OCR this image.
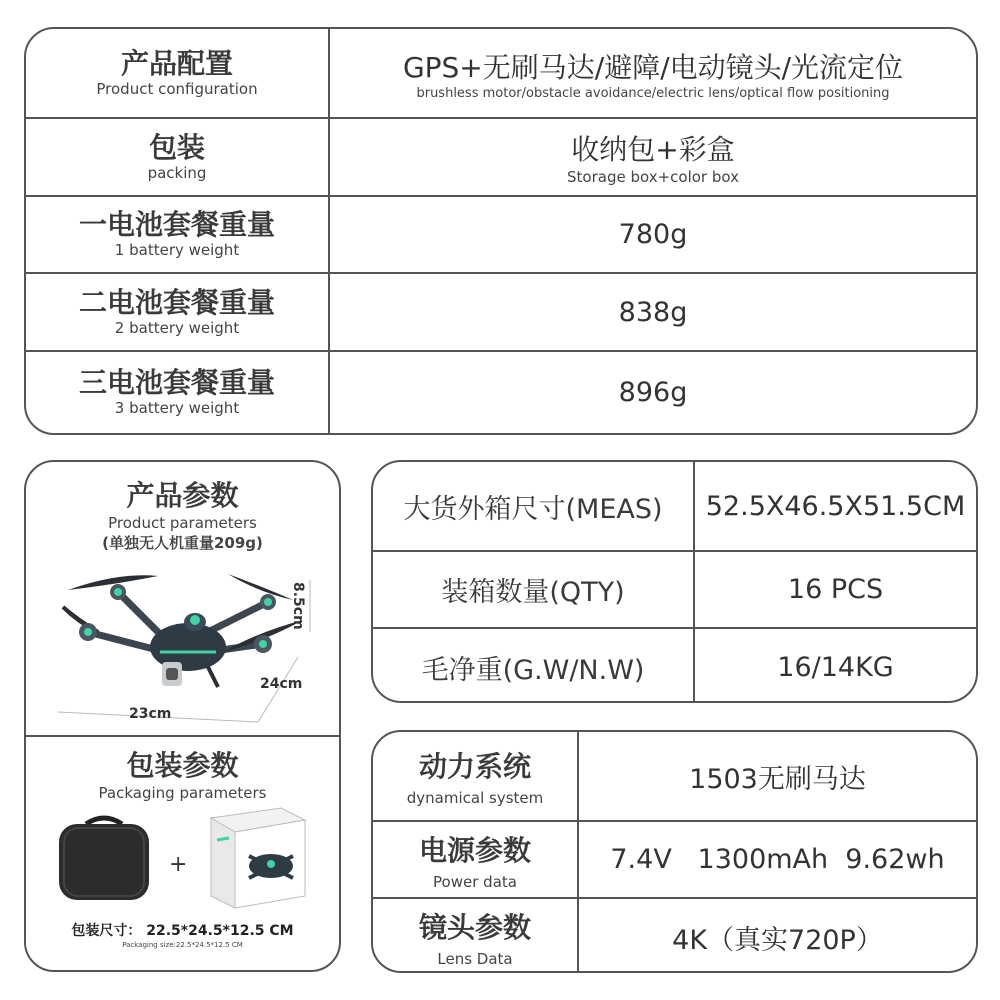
产品配置
Product configuration
GPS+无刷马达/避障/电动镜头/光流定位
brushless motor/obstacle avoidance/electric lens/optical flow positioning
包装
packing
收纳包+彩盒
Storage box+color box
一电池套餐重量
1 battery weight
780g
二电池套餐重量
2 battery weight
838g
三电池套餐重量
3 battery weight
896g
产品参数
Product parameters
(单独无人机重量209g)
8.5cm
24cm
23cm
包装参数
Packaging parameters
+
包装尺寸： 22.5*24.5*12.5 CM
Packaging size:22.5*24.5*12.5 CM
大货外箱尺寸(MEAS) 52.5X46.5X51.5CM
装箱数量(QTY)	16 PCS
毛净重(G.W/N.W)	16/14KG
动力系统
dynamical system
1503无刷马达
电源参数
Power data
7.4V   1300mAh  9.62wh
镜头参数
Lens Data
4K（真实720P）
